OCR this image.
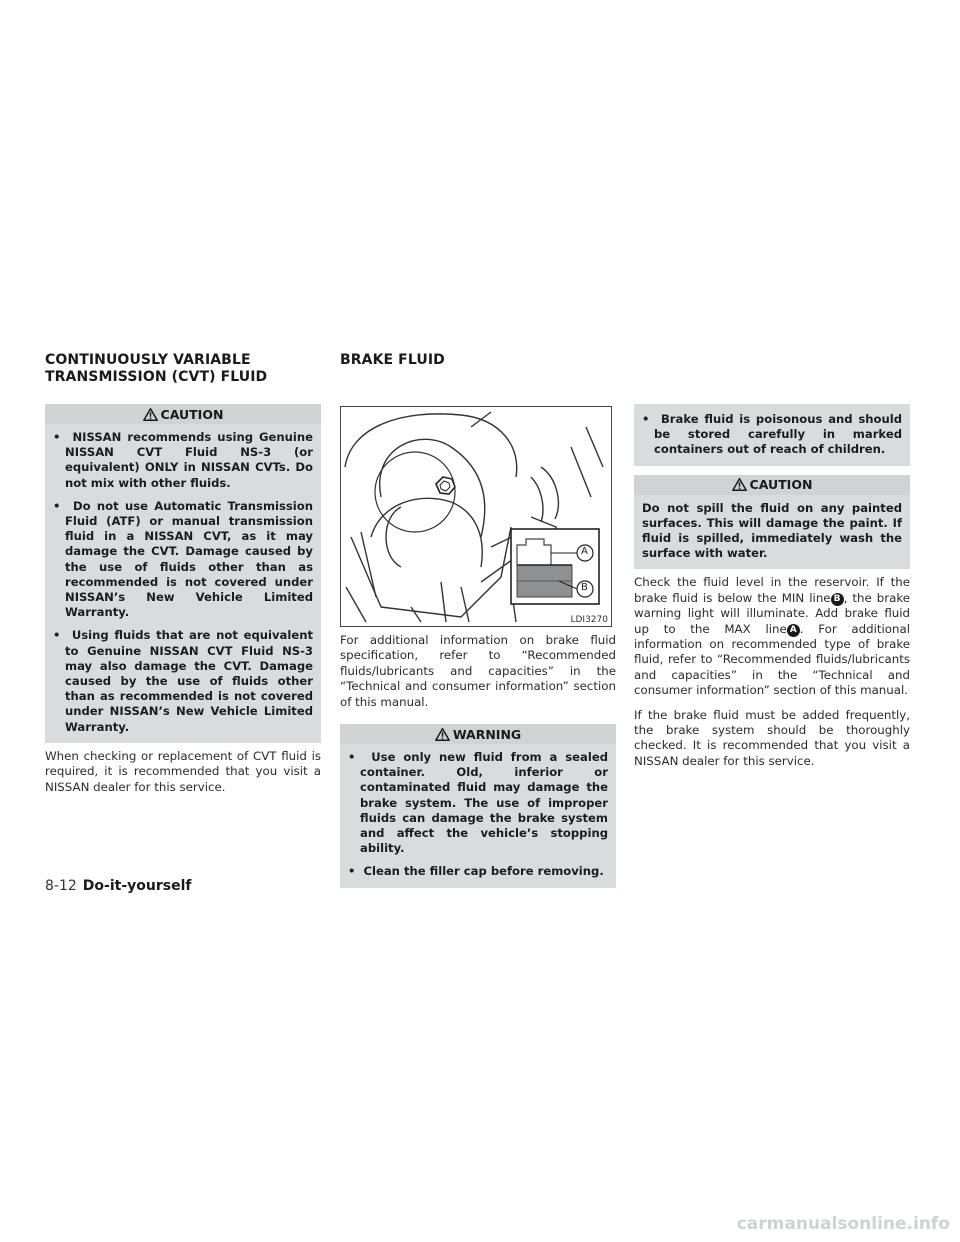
CONTINUOUSLY VARIABLE
TRANSMISSION (CVT) FLUID
BRAKE FLUID
CAUTION

•  NISSAN recommends using Genuine NISSAN CVT Fluid NS-3 (or equivalent) ONLY in NISSAN CVTs. Do not mix with other fluids.

•  Do not use Automatic Transmission Fluid (ATF) or manual transmission fluid in a NISSAN CVT, as it may damage the CVT. Damage caused by the use of fluids other than as recommended is not covered under NISSAN’s New Vehicle Limited Warranty.

•  Using fluids that are not equivalent to Genuine NISSAN CVT Fluid NS-3 may also damage the CVT. Damage caused by the use of fluids other than as recommended is not covered under NISSAN’s New Vehicle Limited Warranty.

When checking or replacement of CVT fluid is required, it is recommended that you visit a NISSAN dealer for this service.

A
B
LDI3270

For additional information on brake fluid specification, refer to “Recommended fluids/lubricants and capacities” in the “Technical and consumer information” section of this manual.

WARNING

•  Use only new fluid from a sealed container. Old, inferior or contaminated fluid may damage the brake system. The use of improper fluids can damage the brake system and affect the vehicle’s stopping ability.

•  Clean the filler cap before removing.

•  Brake fluid is poisonous and should be stored carefully in marked containers out of reach of children.

CAUTION

Do not spill the fluid on any painted surfaces. This will damage the paint. If fluid is spilled, immediately wash the surface with water.

Check the fluid level in the reservoir. If the brake fluid is below the MIN line B , the brake warning light will illuminate. Add brake fluid up to the MAX line A . For additional information on recommended type of brake fluid, refer to “Recommended fluids/lubricants and capacities” in the “Technical and consumer information” section of this manual.

If the brake fluid must be added frequently, the brake system should be thoroughly checked. It is recommended that you visit a NISSAN dealer for this service.

8-12 Do-it-yourself
carmanualsonline.info
